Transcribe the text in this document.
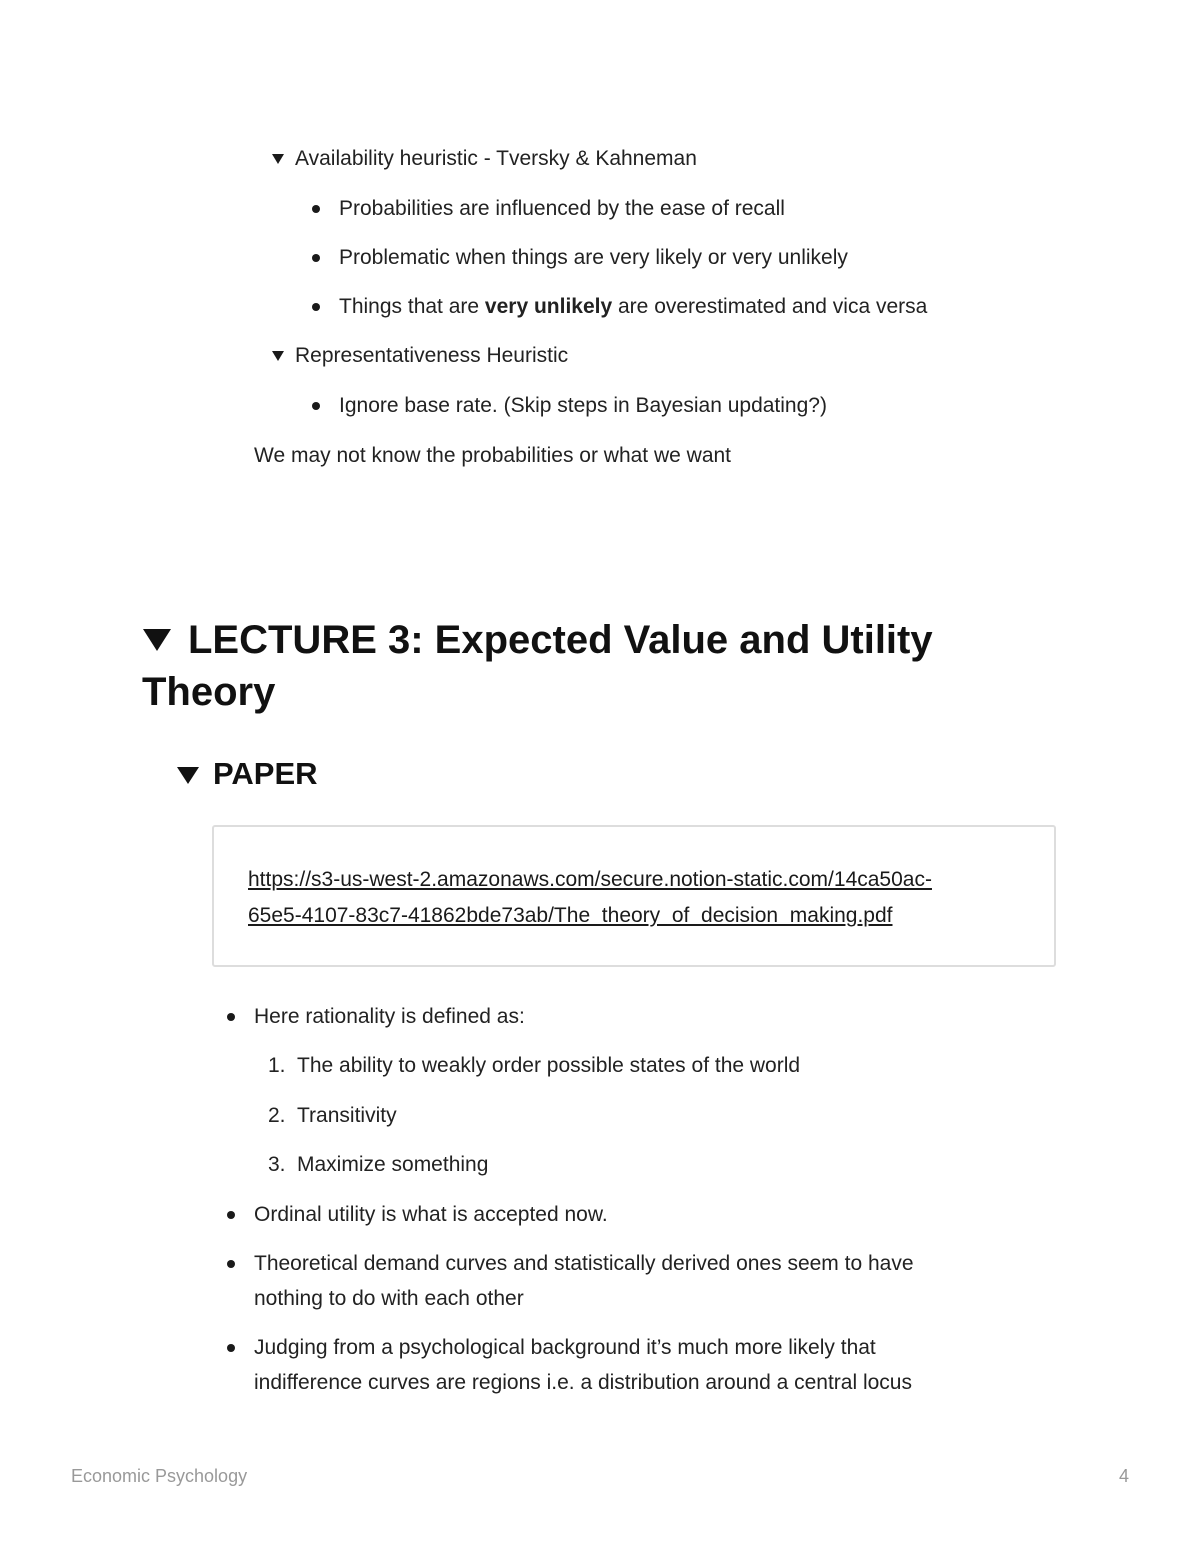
Availability heuristic - Tversky & Kahneman
Probabilities are influenced by the ease of recall
Problematic when things are very likely or very unlikely
Things that are very unlikely are overestimated and vica versa
Representativeness Heuristic
Ignore base rate. (Skip steps in Bayesian updating?)
We may not know the probabilities or what we want
LECTURE 3: Expected Value and Utility
Theory
PAPER
https://s3-us-west-2.amazonaws.com/secure.notion-static.com/14ca50ac-
65e5-4107-83c7-41862bde73ab/The_theory_of_decision_making.pdf
Here rationality is defined as:
1. The ability to weakly order possible states of the world
2. Transitivity
3. Maximize something
Ordinal utility is what is accepted now.
Theoretical demand curves and statistically derived ones seem to have
nothing to do with each other
Judging from a psychological background it’s much more likely that
indifference curves are regions i.e. a distribution around a central locus
Economic Psychology	4
